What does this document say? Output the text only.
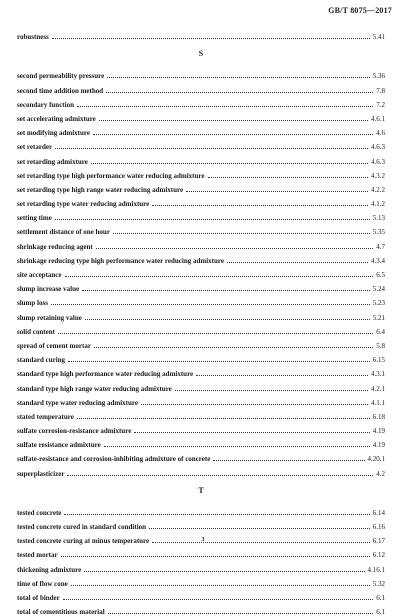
GB/T 8075—2017
robustness	5.41
S
second permeability pressure	5.36
second time addition method	7.8
secondary function	7.2
set accelerating admixture	4.6.1
set modifying admixture	4.6
set retarder	4.6.3
set retarding admixture	4.6.3
set retarding type high performance water reducing admixture	4.3.2
set retarding type high range water reducing admixture	4.2.2
set retarding type water reducing admixture	4.1.2
setting time	5.13
settlement distance of one hour	5.35
shrinkage reducing agent	4.7
shrinkage reducing type high performance water reducing admixture	4.3.4
site acceptance	6.5
slump increase value	5.24
slump loss	5.23
slump retaining value	5.21
solid content	6.4
spread of cement mortar	5.8
standard curing	6.15
standard type high performance water reducing admixture	4.3.1
standard type high range water reducing admixture	4.2.1
standard type water reducing admixture	4.1.1
stated temperature	6.18
sulfate corrosion-resistance admixture	4.19
sulfate resistance admixture	4.19
sulfate-resistance and corrosion-inhibiting admixture of concrete	4.20.1
superplasticizer	4.2
T
tested concrete	6.14
tested concrete cured in standard condition	6.16
tested concrete curing at minus temperature	6.17
tested mortar	6.12
thickening admixture	4.16.1
time of flow cone	5.32
total of binder	6.1
total of cementitious material	6.1
3
